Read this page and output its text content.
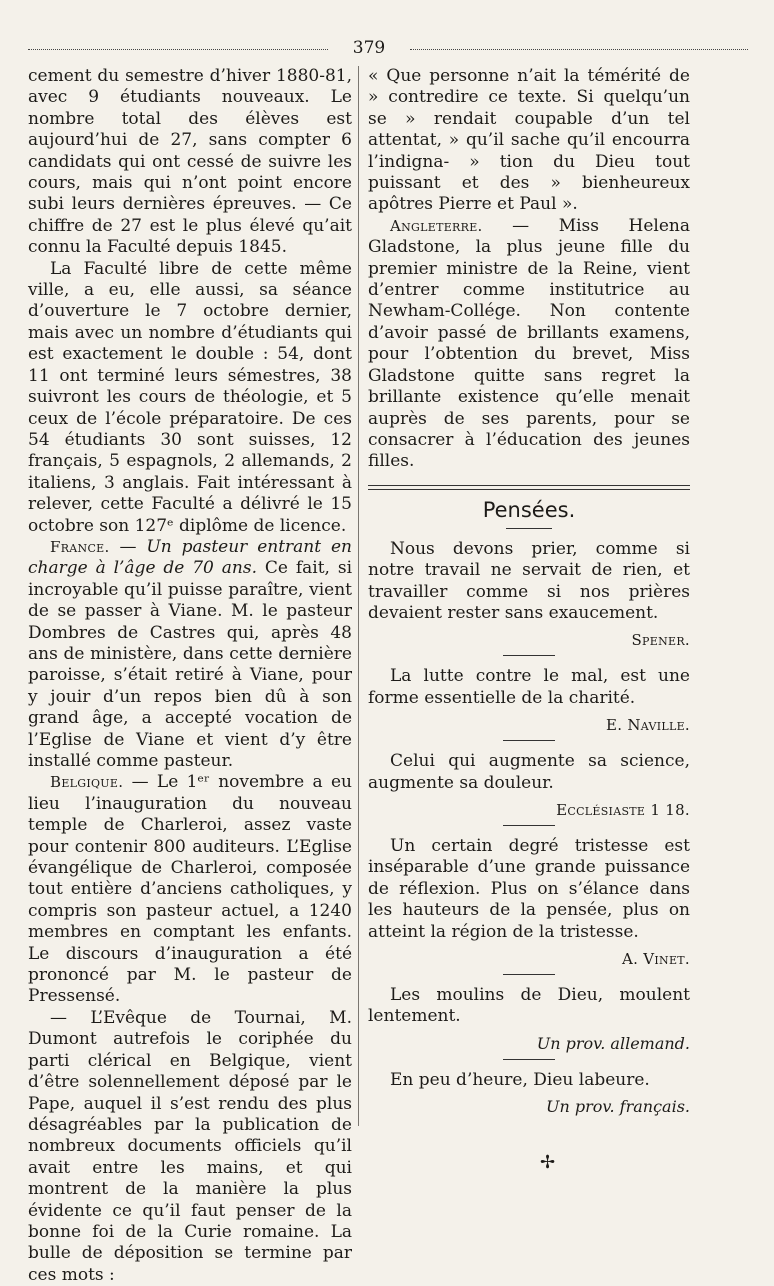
379

cement du semestre d’hiver 1880-81, avec 9 étudiants nouveaux. Le nombre total des élèves est aujourd’hui de 27, sans compter 6 candidats qui ont cessé de suivre les cours, mais qui n’ont point encore subi leurs dernières épreuves. — Ce chiffre de 27 est le plus élevé qu’ait connu la Faculté depuis 1845.

La Faculté libre de cette même ville, a eu, elle aussi, sa séance d’ouverture le 7 octobre dernier, mais avec un nombre d’étudiants qui est exactement le double : 54, dont 11 ont terminé leurs sémestres, 38 suivront les cours de théologie, et 5 ceux de l’école préparatoire. De ces 54 étudiants 30 sont suisses, 12 français, 5 espagnols, 2 allemands, 2 italiens, 3 anglais. Fait intéressant à relever, cette Faculté a délivré le 15 octobre son 127ᵉ diplôme de licence.

France. — Un pasteur entrant en charge à l’âge de 70 ans. Ce fait, si incroyable qu’il puisse paraître, vient de se passer à Viane. M. le pasteur Dombres de Castres qui, après 48 ans de ministère, dans cette dernière paroisse, s’était retiré à Viane, pour y jouir d’un repos bien dû à son grand âge, a accepté vocation de l’Eglise de Viane et vient d’y être installé comme pasteur.

Belgique. — Le 1ᵉʳ novembre a eu lieu l’inauguration du nouveau temple de Charleroi, assez vaste pour contenir 800 auditeurs. L’Eglise évangélique de Charleroi, composée tout entière d’anciens catholiques, y compris son pasteur actuel, a 1240 membres en comptant les enfants. Le discours d’inauguration a été prononcé par M. le pasteur de Pressensé.

— L’Evêque de Tournai, M. Dumont autrefois le coriphée du parti clérical en Belgique, vient d’être solennellement déposé par le Pape, auquel il s’est rendu des plus désagréables par la publication de nombreux documents officiels qu’il avait entre les mains, et qui montrent de la manière la plus évidente ce qu’il faut penser de la bonne foi de la Curie romaine. La bulle de déposition se termine par ces mots :

« Que personne n’ait la témérité de » contredire ce texte. Si quelqu’un se » rendait coupable d’un tel attentat, » qu’il sache qu’il encourra l’indigna- » tion du Dieu tout puissant et des » bienheureux apôtres Pierre et Paul ».

Angleterre. — Miss Helena Gladstone, la plus jeune fille du premier ministre de la Reine, vient d’entrer comme institutrice au Newham-Collége. Non contente d’avoir passé de brillants examens, pour l’obtention du brevet, Miss Gladstone quitte sans regret la brillante existence qu’elle menait auprès de ses parents, pour se consacrer à l’éducation des jeunes filles.

Pensées.

Nous devons prier, comme si notre travail ne servait de rien, et travailler comme si nos prières devaient rester sans exaucement.

Spener.

La lutte contre le mal, est une forme essentielle de la charité.

E. Naville.

Celui qui augmente sa science, augmente sa douleur.

Ecclésiaste 1 18.

Un certain degré tristesse est inséparable d’une grande puissance de réflexion. Plus on s’élance dans les hauteurs de la pensée, plus on atteint la région de la tristesse.

A. Vinet.

Les moulins de Dieu, moulent lentement.

Un prov. allemand.

En peu d’heure, Dieu labeure.

Un prov. français.
✢
